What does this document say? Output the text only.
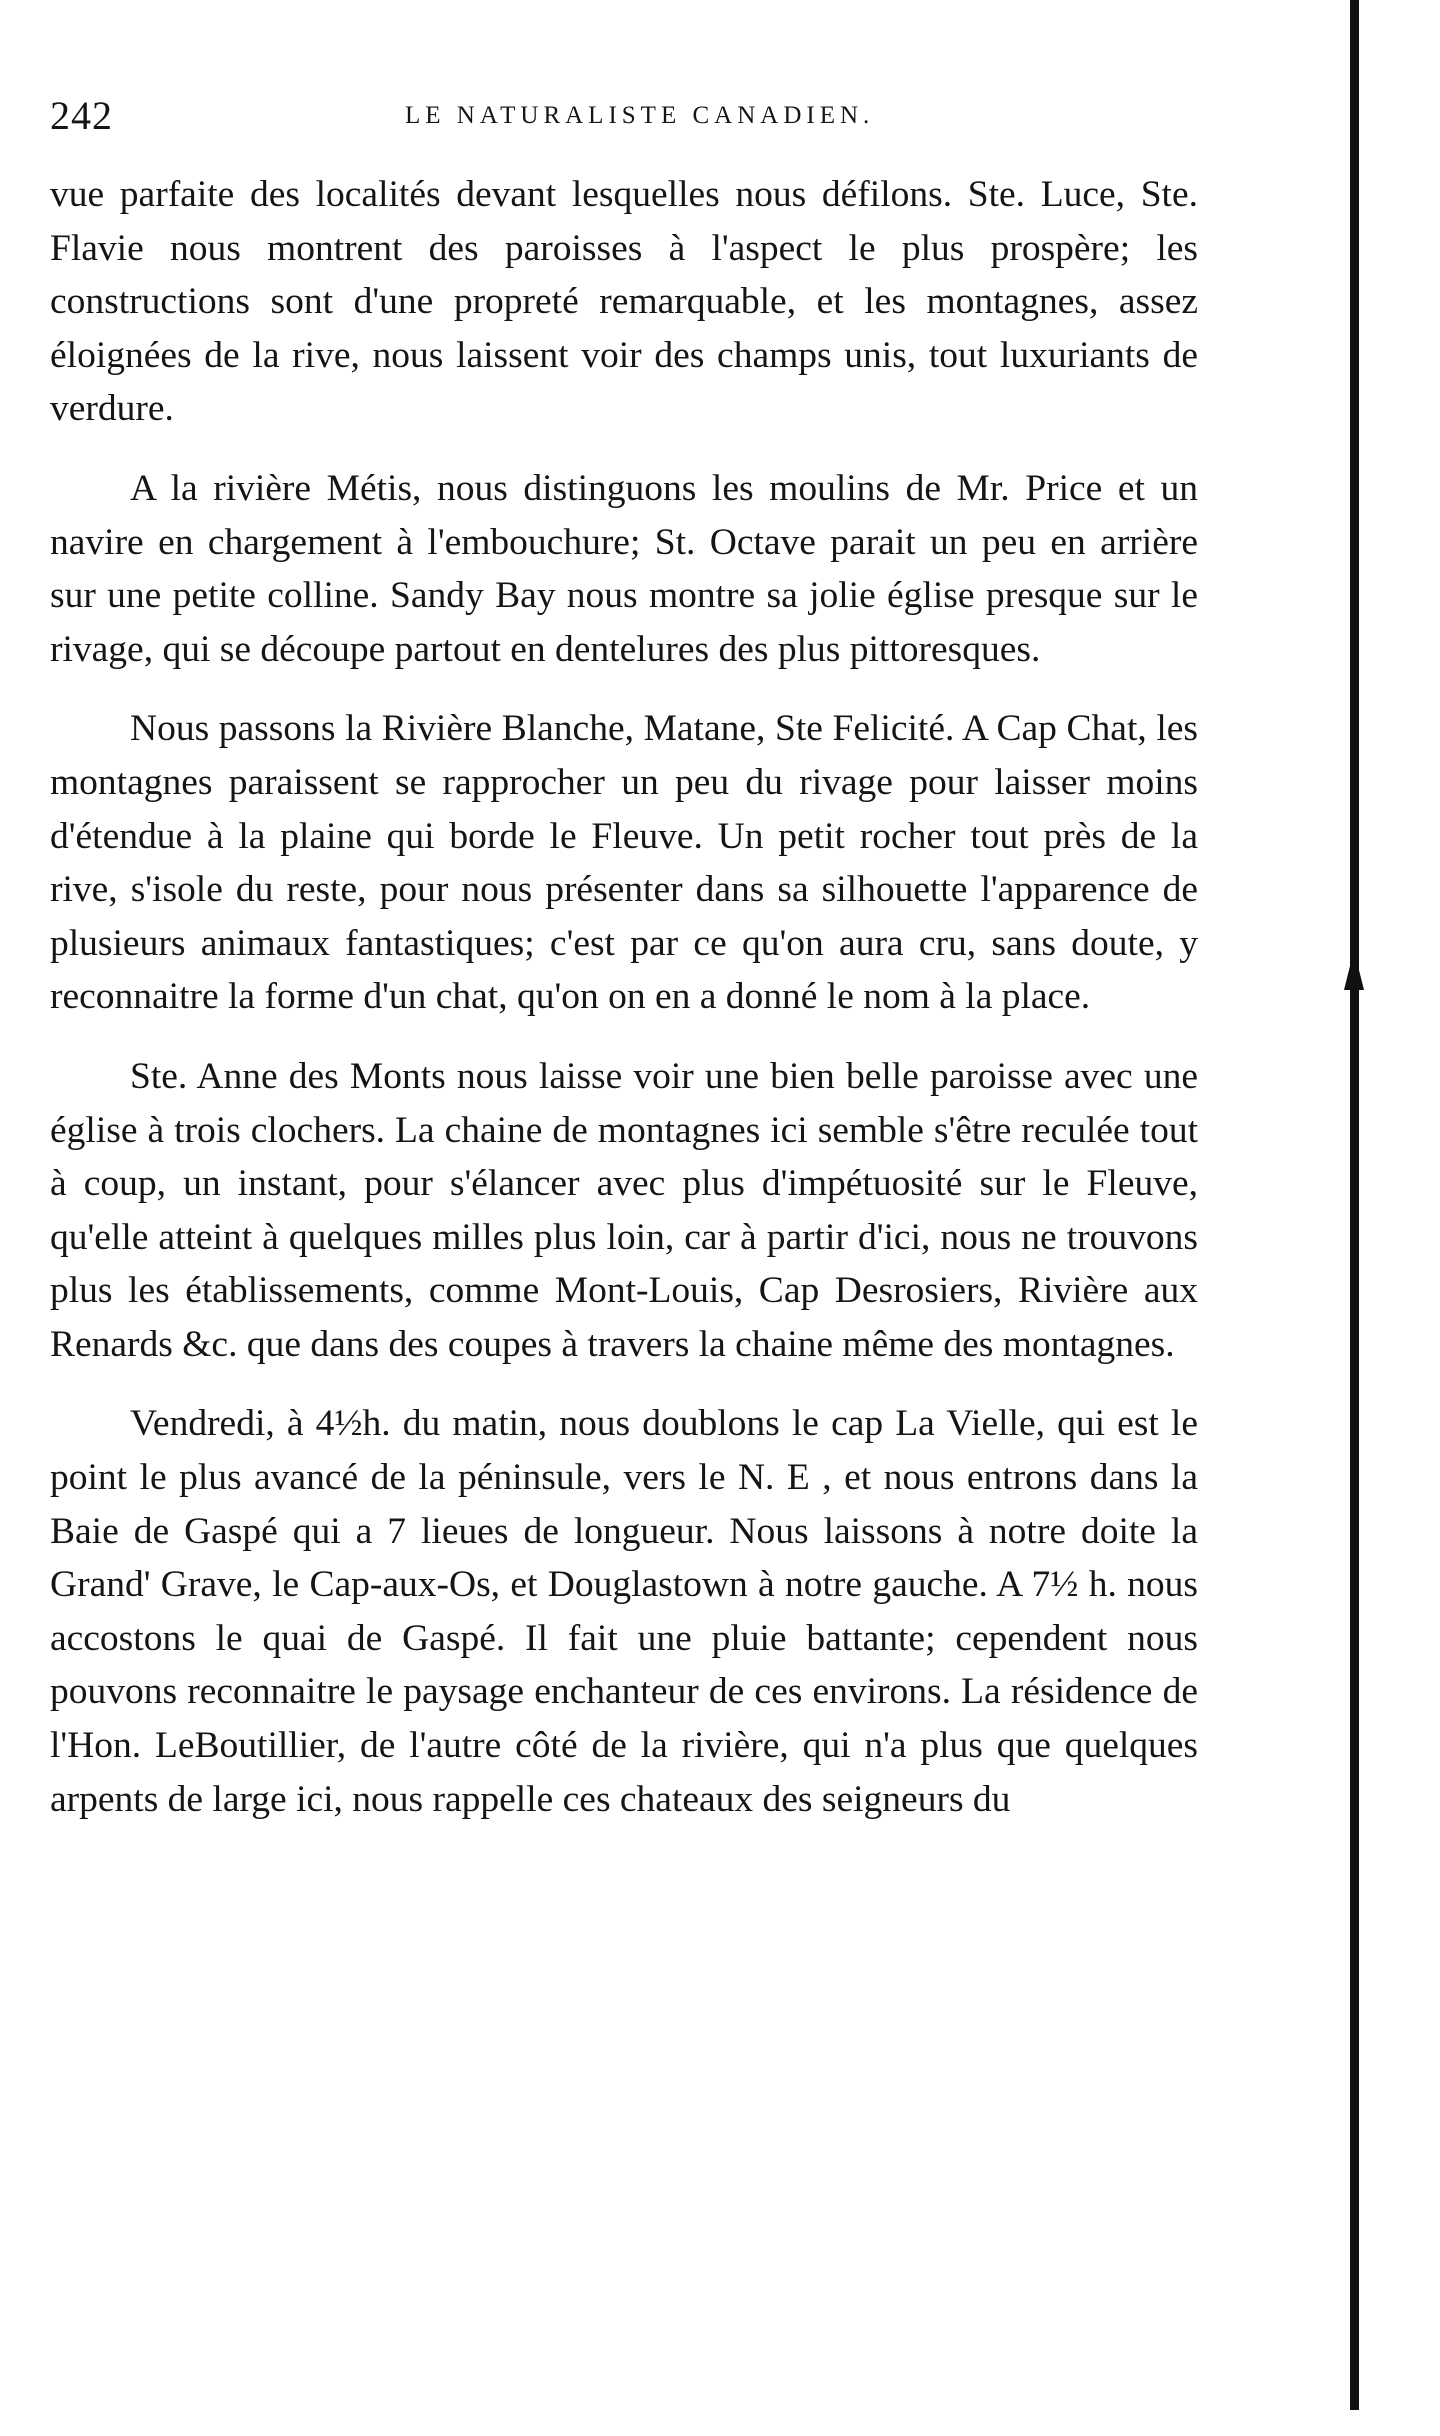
242	LE NATURALISTE CANADIEN.

vue parfaite des localités devant lesquelles nous défilons. Ste. Luce, Ste. Flavie nous montrent des paroisses à l'aspect le plus prospère; les constructions sont d'une propreté remarquable, et les montagnes, assez éloignées de la rive, nous laissent voir des champs unis, tout luxuriants de verdure.

A la rivière Métis, nous distinguons les moulins de Mr. Price et un navire en chargement à l'embouchure; St. Octave parait un peu en arrière sur une petite colline. Sandy Bay nous montre sa jolie église presque sur le rivage, qui se découpe partout en dentelures des plus pittoresques.

Nous passons la Rivière Blanche, Matane, Ste Felicité. A Cap Chat, les montagnes paraissent se rapprocher un peu du rivage pour laisser moins d'étendue à la plaine qui borde le Fleuve. Un petit rocher tout près de la rive, s'isole du reste, pour nous présenter dans sa silhouette l'apparence de plusieurs animaux fantastiques; c'est par ce qu'on aura cru, sans doute, y reconnaitre la forme d'un chat, qu'on on en a donné le nom à la place.

Ste. Anne des Monts nous laisse voir une bien belle paroisse avec une église à trois clochers. La chaine de montagnes ici semble s'être reculée tout à coup, un instant, pour s'élancer avec plus d'impétuosité sur le Fleuve, qu'elle atteint à quelques milles plus loin, car à partir d'ici, nous ne trouvons plus les établissements, comme Mont-Louis, Cap Desrosiers, Rivière aux Renards &c. que dans des coupes à travers la chaine même des montagnes.

Vendredi, à 4½h. du matin, nous doublons le cap La Vielle, qui est le point le plus avancé de la péninsule, vers le N. E , et nous entrons dans la Baie de Gaspé qui a 7 lieues de longueur. Nous laissons à notre doite la Grand' Grave, le Cap-aux-Os, et Douglastown à notre gauche. A 7½ h. nous accostons le quai de Gaspé. Il fait une pluie battante; cependent nous pouvons reconnaitre le paysage enchanteur de ces environs. La résidence de l'Hon. LeBoutillier, de l'autre côté de la rivière, qui n'a plus que quelques arpents de large ici, nous rappelle ces chateaux des seigneurs du
